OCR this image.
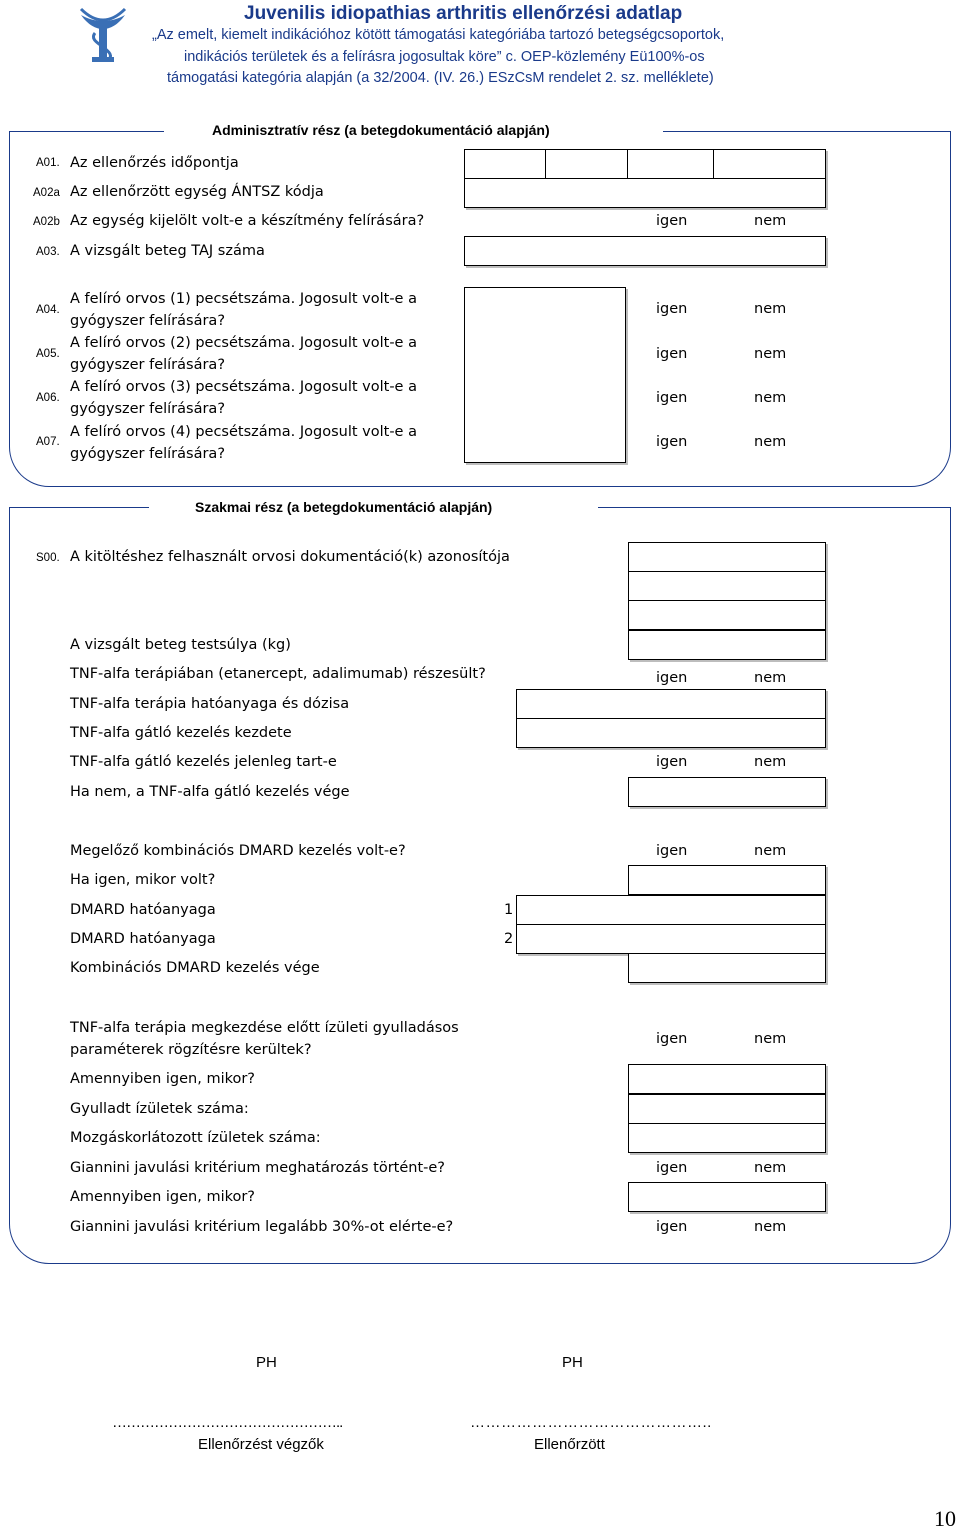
Juvenilis idiopathias arthritis ellenőrzési adatlap
„Az emelt, kiemelt indikációhoz kötött támogatási kategóriába tartozó betegségcsoportok,
indikációs területek és a felírásra jogosultak köre” c. OEP-közlemény Eü100%-os
támogatási kategória alapján (a 32/2004. (IV. 26.) ESzCsM rendelet 2. sz. melléklete)
Adminisztratív rész (a betegdokumentáció alapján)
A01. Az ellenőrzés időpontja
A02a Az ellenőrzött egység ÁNTSZ kódja
A02b Az egység kijelölt volt-e a készítmény felírására?	igen	nem
A03. A vizsgált beteg TAJ száma
A04.
A felíró orvos (1) pecsétszáma. Jogosult volt-e a
gyógyszer felírására?
igen	nem
A05.
A felíró orvos (2) pecsétszáma. Jogosult volt-e a
gyógyszer felírására?
igen	nem
A06.
A felíró orvos (3) pecsétszáma. Jogosult volt-e a
gyógyszer felírására?
igen	nem
A07.
A felíró orvos (4) pecsétszáma. Jogosult volt-e a
gyógyszer felírására?
igen	nem
Szakmai rész (a betegdokumentáció alapján)
S00. A kitöltéshez felhasznált orvosi dokumentáció(k) azonosítója
A vizsgált beteg testsúlya (kg)
TNF-alfa terápiában (etanercept, adalimumab) részesült?	igen	nem
TNF-alfa terápia hatóanyaga és dózisa
TNF-alfa gátló kezelés kezdete
TNF-alfa gátló kezelés jelenleg tart-e	igen	nem
Ha nem, a TNF-alfa gátló kezelés vége
Megelőző kombinációs DMARD kezelés volt-e?	igen	nem
Ha igen, mikor volt?
DMARD hatóanyaga	1
DMARD hatóanyaga	2
Kombinációs DMARD kezelés vége
TNF-alfa terápia megkezdése előtt ízületi gyulladásos
paraméterek rögzítésre kerültek?
igen	nem
Amennyiben igen, mikor?
Gyulladt ízületek száma:
Mozgáskorlátozott ízületek száma:
Giannini javulási kritérium meghatározás történt-e?	igen	nem
Amennyiben igen, mikor?
Giannini javulási kritérium legalább 30%-ot elérte-e?	igen	nem
PH	PH
…………………………………………..	………………………………………..
Ellenőrzést végzők	Ellenőrzött
10
